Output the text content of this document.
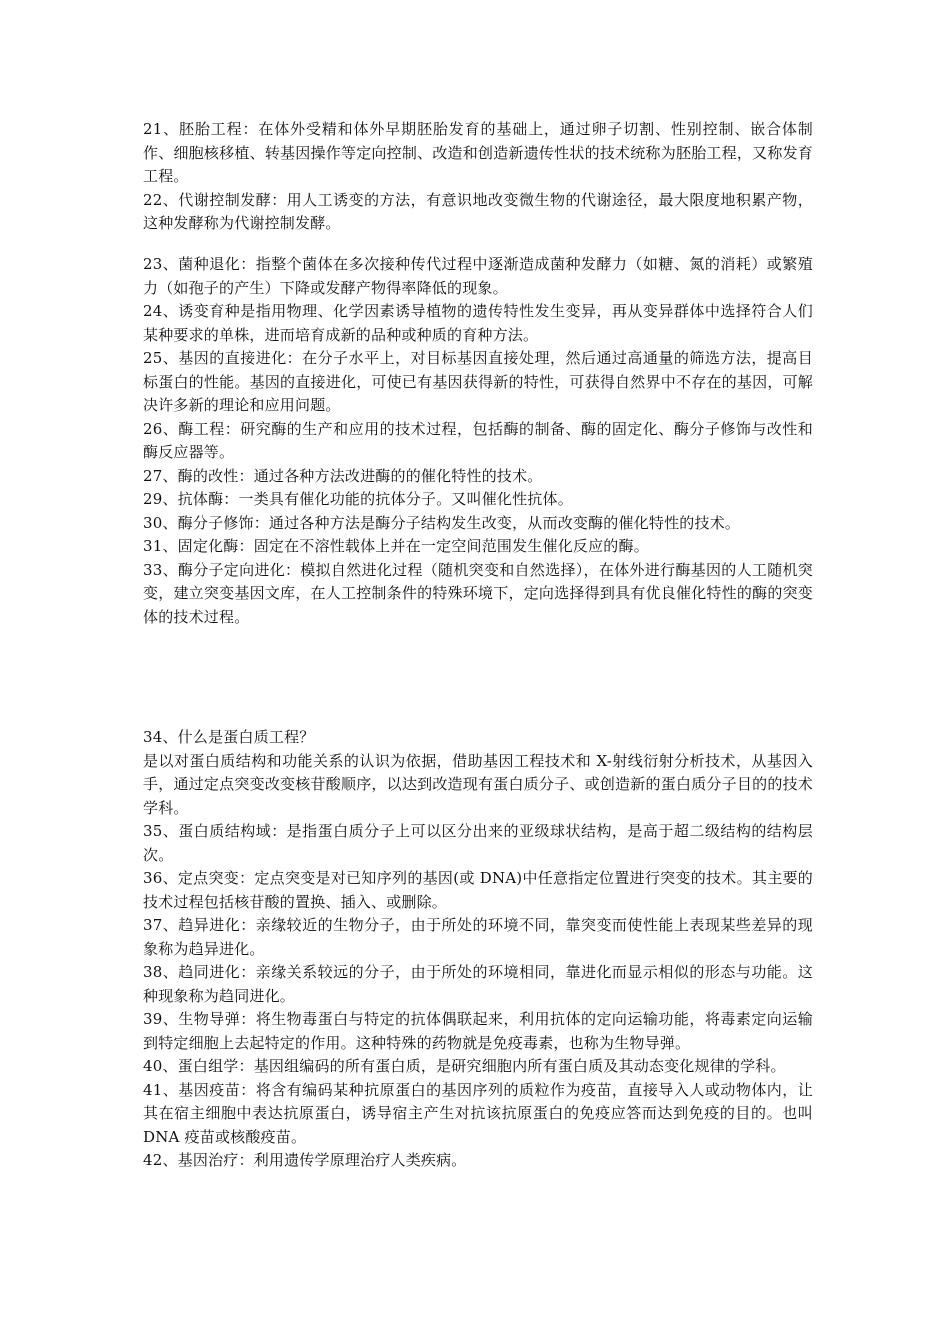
21、胚胎工程：在体外受精和体外早期胚胎发育的基础上，通过卵子切割、性别控制、嵌合体制作、细胞核移植、转基因操作等定向控制、改造和创造新遗传性状的技术统称为胚胎工程，又称发育工程。

22、代谢控制发酵：用人工诱变的方法，有意识地改变微生物的代谢途径，最大限度地积累产物，这种发酵称为代谢控制发酵。

23、菌种退化：指整个菌体在多次接种传代过程中逐渐造成菌种发酵力（如糖、氮的消耗）或繁殖力（如孢子的产生）下降或发酵产物得率降低的现象。

24、诱变育种是指用物理、化学因素诱导植物的遗传特性发生变异，再从变异群体中选择符合人们某种要求的单株，进而培育成新的品种或种质的育种方法。

25、基因的直接进化：在分子水平上，对目标基因直接处理，然后通过高通量的筛选方法，提高目标蛋白的性能。基因的直接进化，可使已有基因获得新的特性，可获得自然界中不存在的基因，可解决许多新的理论和应用问题。

26、酶工程：研究酶的生产和应用的技术过程，包括酶的制备、酶的固定化、酶分子修饰与改性和酶反应器等。

27、酶的改性：通过各种方法改进酶的的催化特性的技术。

29、抗体酶：一类具有催化功能的抗体分子。又叫催化性抗体。

30、酶分子修饰：通过各种方法是酶分子结构发生改变，从而改变酶的催化特性的技术。

31、固定化酶：固定在不溶性载体上并在一定空间范围发生催化反应的酶。

33、酶分子定向进化：模拟自然进化过程（随机突变和自然选择），在体外进行酶基因的人工随机突变，建立突变基因文库，在人工控制条件的特殊环境下，定向选择得到具有优良催化特性的酶的突变体的技术过程。

34、什么是蛋白质工程？

是以对蛋白质结构和功能关系的认识为依据，借助基因工程技术和 X-射线衍射分析技术，从基因入手，通过定点突变改变核苷酸顺序，以达到改造现有蛋白质分子、或创造新的蛋白质分子目的的技术学科。

35、蛋白质结构域：是指蛋白质分子上可以区分出来的亚级球状结构，是高于超二级结构的结构层次。

36、定点突变：定点突变是对已知序列的基因(或 DNA)中任意指定位置进行突变的技术。其主要的技术过程包括核苷酸的置换、插入、或删除。

37、趋异进化：亲缘较近的生物分子，由于所处的环境不同，靠突变而使性能上表现某些差异的现象称为趋异进化。

38、趋同进化：亲缘关系较远的分子，由于所处的环境相同，靠进化而显示相似的形态与功能。这种现象称为趋同进化。

39、生物导弹：将生物毒蛋白与特定的抗体偶联起来，利用抗体的定向运输功能，将毒素定向运输到特定细胞上去起特定的作用。这种特殊的药物就是免疫毒素，也称为生物导弹。

40、蛋白组学：基因组编码的所有蛋白质，是研究细胞内所有蛋白质及其动态变化规律的学科。

41、基因疫苗：将含有编码某种抗原蛋白的基因序列的质粒作为疫苗，直接导入人或动物体内，让其在宿主细胞中表达抗原蛋白，诱导宿主产生对抗该抗原蛋白的免疫应答而达到免疫的目的。也叫 DNA 疫苗或核酸疫苗。

42、基因治疗：利用遗传学原理治疗人类疾病。
